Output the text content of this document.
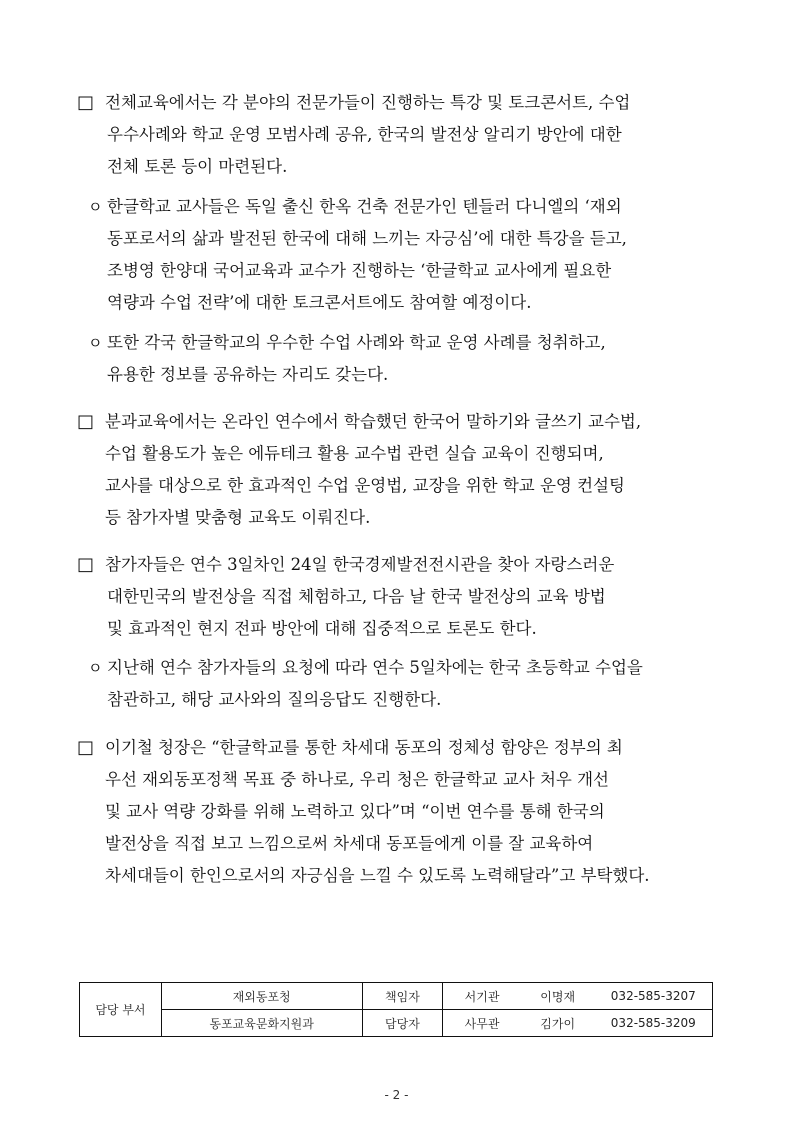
□ 전체교육에서는 각 분야의 전문가들이 진행하는 특강 및 토크콘서트, 수업
우수사례와 학교 운영 모범사례 공유, 한국의 발전상 알리기 방안에 대한
전체 토론 등이 마련된다.
ㅇ 한글학교 교사들은 독일 출신 한옥 건축 전문가인 텐들러 다니엘의 ‘재외
동포로서의 삶과 발전된 한국에 대해 느끼는 자긍심’에 대한 특강을 듣고,
조병영 한양대 국어교육과 교수가 진행하는 ‘한글학교 교사에게 필요한
역량과 수업 전략’에 대한 토크콘서트에도 참여할 예정이다.
ㅇ 또한 각국 한글학교의 우수한 수업 사례와 학교 운영 사례를 청취하고,
유용한 정보를 공유하는 자리도 갖는다.
□ 분과교육에서는 온라인 연수에서 학습했던 한국어 말하기와 글쓰기 교수법,
수업 활용도가 높은 에듀테크 활용 교수법 관련 실습 교육이 진행되며,
교사를 대상으로 한 효과적인 수업 운영법, 교장을 위한 학교 운영 컨설팅
등 참가자별 맞춤형 교육도 이뤄진다.
□ 참가자들은 연수 3일차인 24일 한국경제발전전시관을 찾아 자랑스러운
대한민국의 발전상을 직접 체험하고, 다음 날 한국 발전상의 교육 방법
및 효과적인 현지 전파 방안에 대해 집중적으로 토론도 한다.
ㅇ 지난해 연수 참가자들의 요청에 따라 연수 5일차에는 한국 초등학교 수업을
참관하고, 해당 교사와의 질의응답도 진행한다.
□ 이기철 청장은 “한글학교를 통한 차세대 동포의 정체성 함양은 정부의 최
우선 재외동포정책 목표 중 하나로, 우리 청은 한글학교 교사 처우 개선
및 교사 역량 강화를 위해 노력하고 있다”며 “이번 연수를 통해 한국의
발전상을 직접 보고 느낌으로써 차세대 동포들에게 이를 잘 교육하여
차세대들이 한인으로서의 자긍심을 느낄 수 있도록 노력해달라”고 부탁했다.
담당 부서	재외동포청	책임자	서기관	이명재	032-585-3207
	동포교육문화지원과	담당자	사무관	김가이	032-585-3209
- 2 -
